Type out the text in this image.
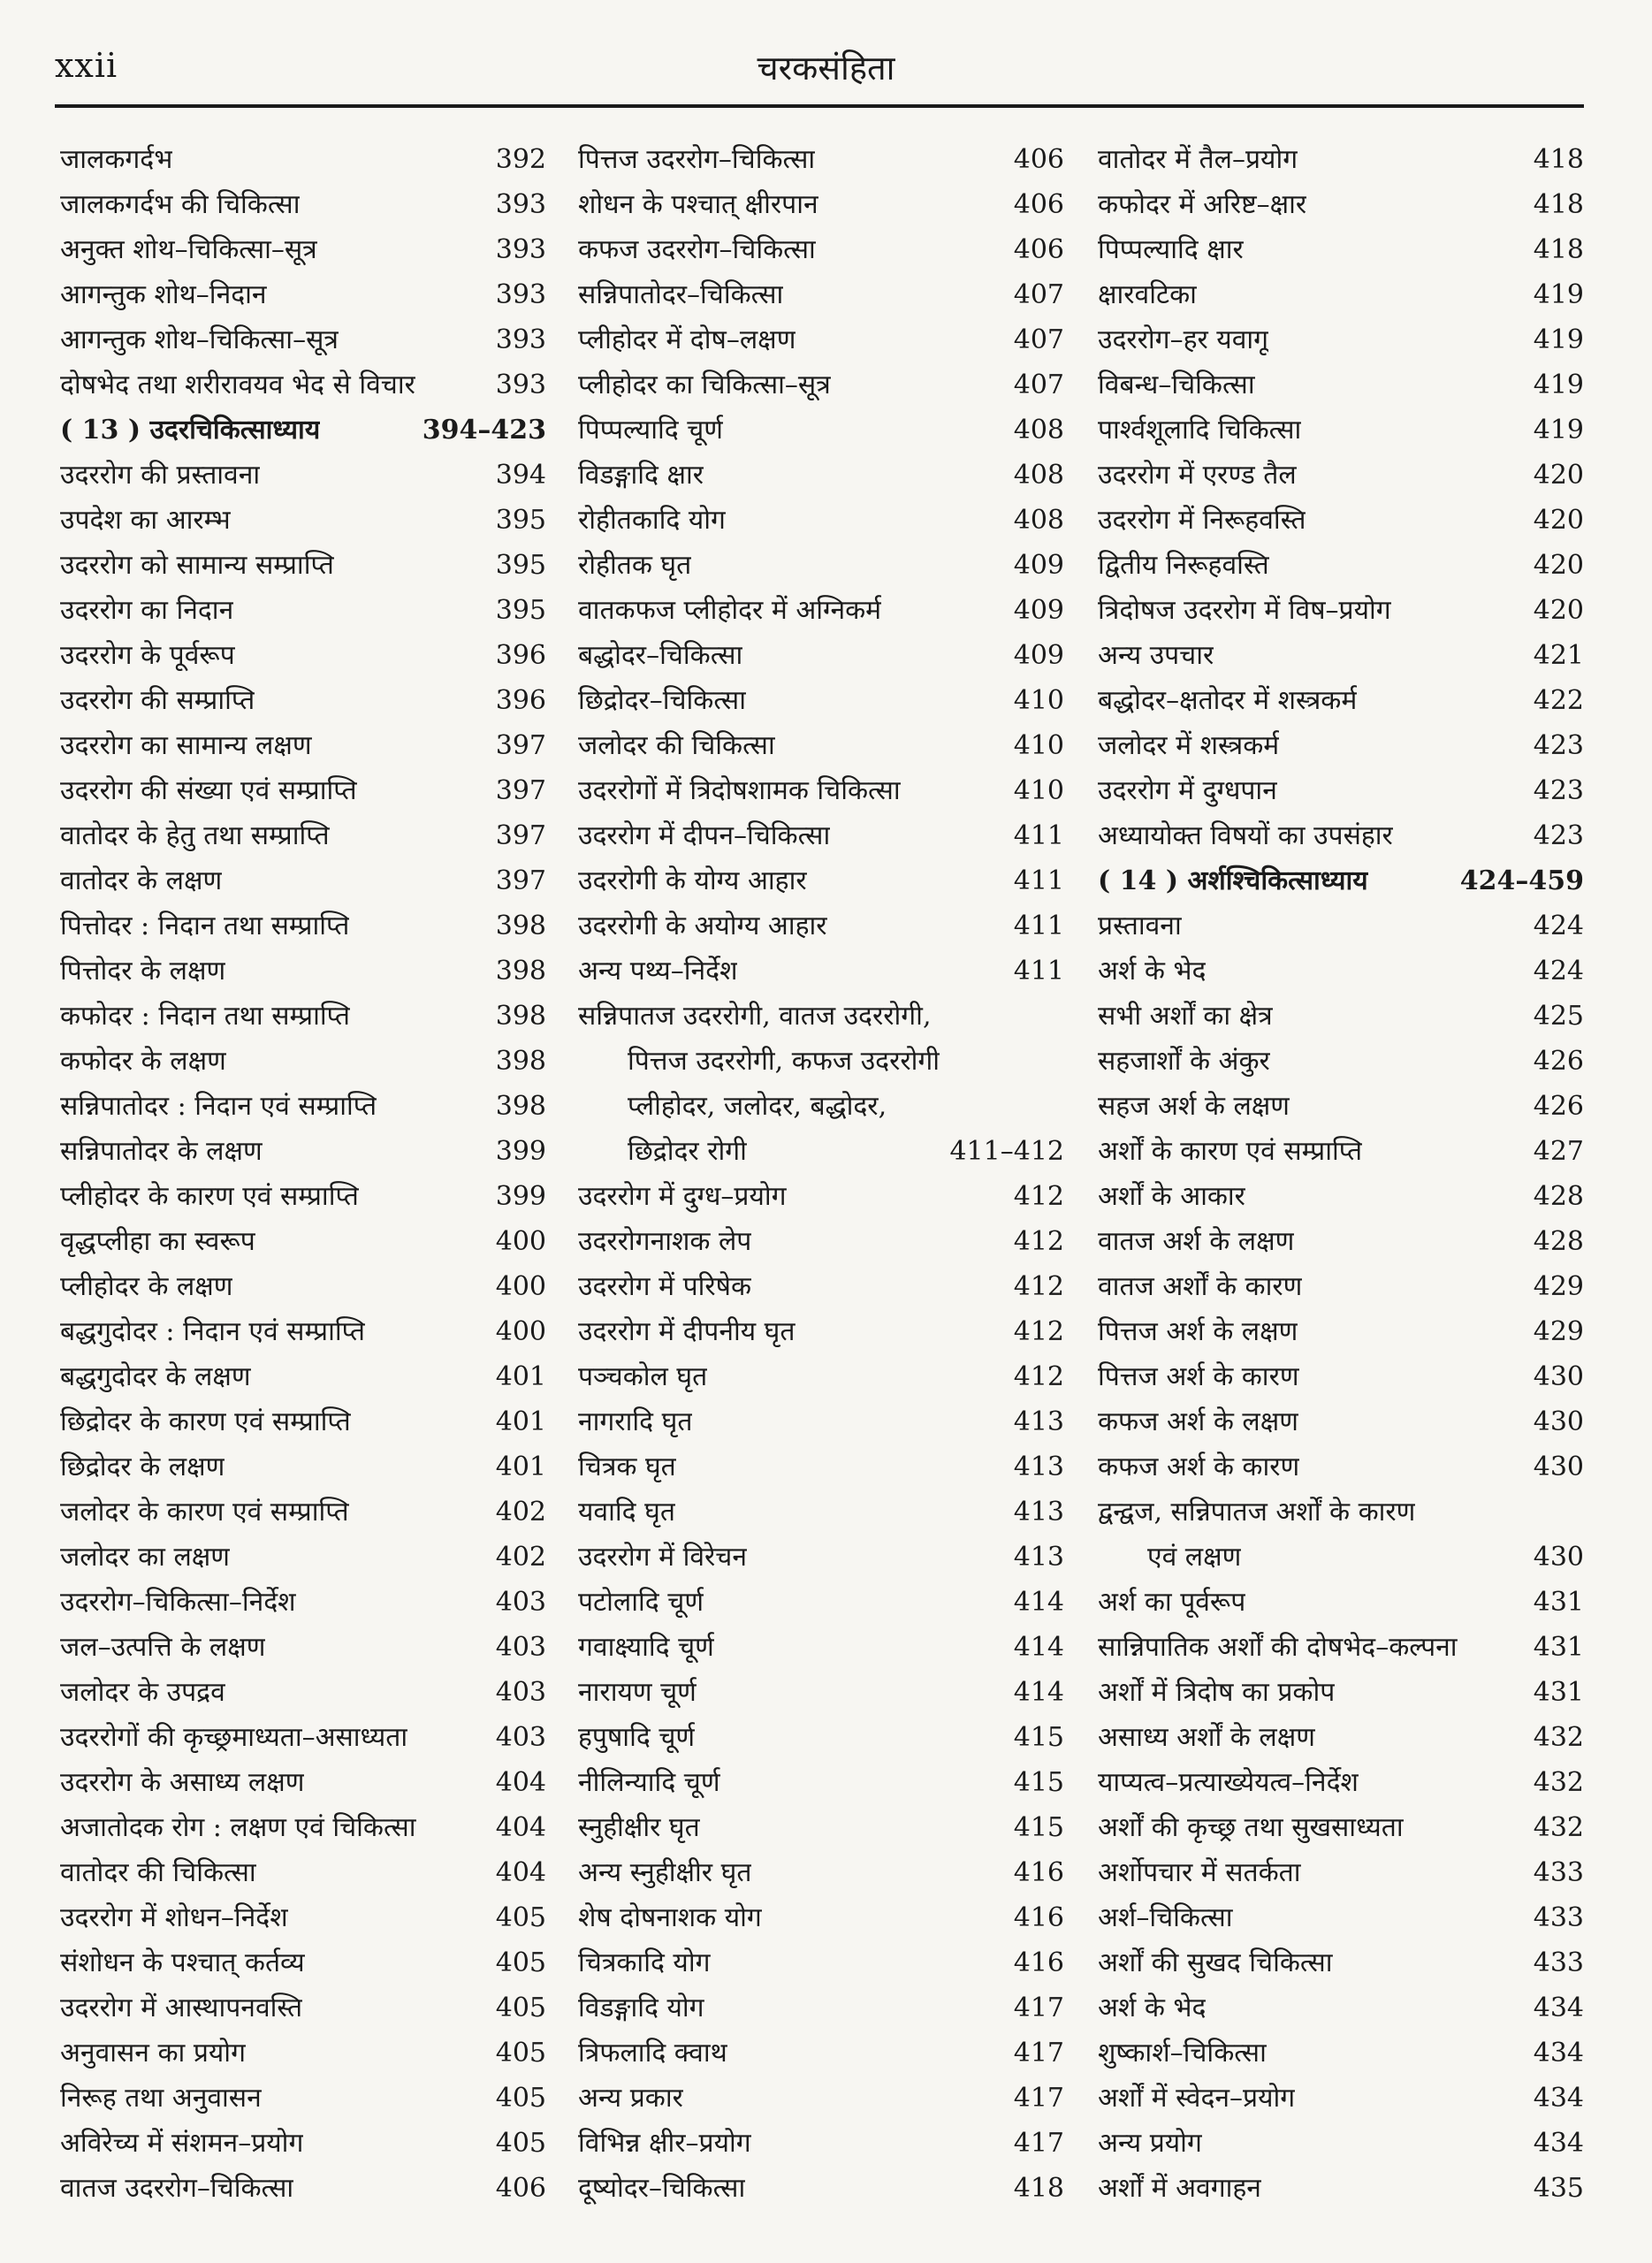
xxii	चरकसंहिता
जालकगर्दभ	392
जालकगर्दभ की चिकित्सा	393
अनुक्त शोथ–चिकित्सा–सूत्र	393
आगन्तुक शोथ–निदान	393
आगन्तुक शोथ–चिकित्सा–सूत्र	393
दोषभेद तथा शरीरावयव भेद से विचार	393
( 13 ) उदरचिकित्साध्याय	394–423
उदररोग की प्रस्तावना	394
उपदेश का आरम्भ	395
उदररोग को सामान्य सम्प्राप्ति	395
उदररोग का निदान	395
उदररोग के पूर्वरूप	396
उदररोग की सम्प्राप्ति	396
उदररोग का सामान्य लक्षण	397
उदररोग की संख्या एवं सम्प्राप्ति	397
वातोदर के हेतु तथा सम्प्राप्ति	397
वातोदर के लक्षण	397
पित्तोदर : निदान तथा सम्प्राप्ति	398
पित्तोदर के लक्षण	398
कफोदर : निदान तथा सम्प्राप्ति	398
कफोदर के लक्षण	398
सन्निपातोदर : निदान एवं सम्प्राप्ति	398
सन्निपातोदर के लक्षण	399
प्लीहोदर के कारण एवं सम्प्राप्ति	399
वृद्धप्लीहा का स्वरूप	400
प्लीहोदर के लक्षण	400
बद्धगुदोदर : निदान एवं सम्प्राप्ति	400
बद्धगुदोदर के लक्षण	401
छिद्रोदर के कारण एवं सम्प्राप्ति	401
छिद्रोदर के लक्षण	401
जलोदर के कारण एवं सम्प्राप्ति	402
जलोदर का लक्षण	402
उदररोग–चिकित्सा–निर्देश	403
जल–उत्पत्ति के लक्षण	403
जलोदर के उपद्रव	403
उदररोगों की कृच्छ्रमाध्यता–असाध्यता	403
उदररोग के असाध्य लक्षण	404
अजातोदक रोग : लक्षण एवं चिकित्सा	404
वातोदर की चिकित्सा	404
उदररोग में शोधन–निर्देश	405
संशोधन के पश्चात् कर्तव्य	405
उदररोग में आस्थापनवस्ति	405
अनुवासन का प्रयोग	405
निरूह तथा अनुवासन	405
अविरेच्य में संशमन–प्रयोग	405
वातज उदररोग–चिकित्सा	406
पित्तज उदररोग–चिकित्सा	406
शोधन के पश्चात् क्षीरपान	406
कफज उदररोग–चिकित्सा	406
सन्निपातोदर–चिकित्सा	407
प्लीहोदर में दोष–लक्षण	407
प्लीहोदर का चिकित्सा–सूत्र	407
पिप्पल्यादि चूर्ण	408
विडङ्गादि क्षार	408
रोहीतकादि योग	408
रोहीतक घृत	409
वातकफज प्लीहोदर में अग्निकर्म	409
बद्धोदर–चिकित्सा	409
छिद्रोदर–चिकित्सा	410
जलोदर की चिकित्सा	410
उदररोगों में त्रिदोषशामक चिकित्सा	410
उदररोग में दीपन–चिकित्सा	411
उदररोगी के योग्य आहार	411
उदररोगी के अयोग्य आहार	411
अन्य पथ्य–निर्देश	411
सन्निपातज उदररोगी, वातज उदररोगी,
पित्तज उदररोगी, कफज उदररोगी
प्लीहोदर, जलोदर, बद्धोदर,
छिद्रोदर रोगी	411–412
उदररोग में दुग्ध–प्रयोग	412
उदररोगनाशक लेप	412
उदररोग में परिषेक	412
उदररोग में दीपनीय घृत	412
पञ्चकोल घृत	412
नागरादि घृत	413
चित्रक घृत	413
यवादि घृत	413
उदररोग में विरेचन	413
पटोलादि चूर्ण	414
गवाक्ष्यादि चूर्ण	414
नारायण चूर्ण	414
हपुषादि चूर्ण	415
नीलिन्यादि चूर्ण	415
स्नुहीक्षीर घृत	415
अन्य स्नुहीक्षीर घृत	416
शेष दोषनाशक योग	416
चित्रकादि योग	416
विडङ्गादि योग	417
त्रिफलादि क्वाथ	417
अन्य प्रकार	417
विभिन्न क्षीर–प्रयोग	417
दूष्योदर–चिकित्सा	418
वातोदर में तैल–प्रयोग	418
कफोदर में अरिष्ट–क्षार	418
पिप्पल्यादि क्षार	418
क्षारवटिका	419
उदररोग–हर यवागू	419
विबन्ध–चिकित्सा	419
पार्श्वशूलादि चिकित्सा	419
उदररोग में एरण्ड तैल	420
उदररोग में निरूहवस्ति	420
द्वितीय निरूहवस्ति	420
त्रिदोषज उदररोग में विष–प्रयोग	420
अन्य उपचार	421
बद्धोदर–क्षतोदर में शस्त्रकर्म	422
जलोदर में शस्त्रकर्म	423
उदररोग में दुग्धपान	423
अध्यायोक्त विषयों का उपसंहार	423
( 14 ) अर्शश्चिकित्साध्याय	424–459
प्रस्तावना	424
अर्श के भेद	424
सभी अर्शों का क्षेत्र	425
सहजार्शों के अंकुर	426
सहज अर्श के लक्षण	426
अर्शों के कारण एवं सम्प्राप्ति	427
अर्शों के आकार	428
वातज अर्श के लक्षण	428
वातज अर्शों के कारण	429
पित्तज अर्श के लक्षण	429
पित्तज अर्श के कारण	430
कफज अर्श के लक्षण	430
कफज अर्श के कारण	430
द्वन्द्वज, सन्निपातज अर्शों के कारण
एवं लक्षण	430
अर्श का पूर्वरूप	431
सान्निपातिक अर्शों की दोषभेद–कल्पना	431
अर्शों में त्रिदोष का प्रकोप	431
असाध्य अर्शों के लक्षण	432
याप्यत्व–प्रत्याख्येयत्व–निर्देश	432
अर्शों की कृच्छ्र तथा सुखसाध्यता	432
अर्शोपचार में सतर्कता	433
अर्श–चिकित्सा	433
अर्शों की सुखद चिकित्सा	433
अर्श के भेद	434
शुष्कार्श–चिकित्सा	434
अर्शों में स्वेदन–प्रयोग	434
अन्य प्रयोग	434
अर्शों में अवगाहन	435
